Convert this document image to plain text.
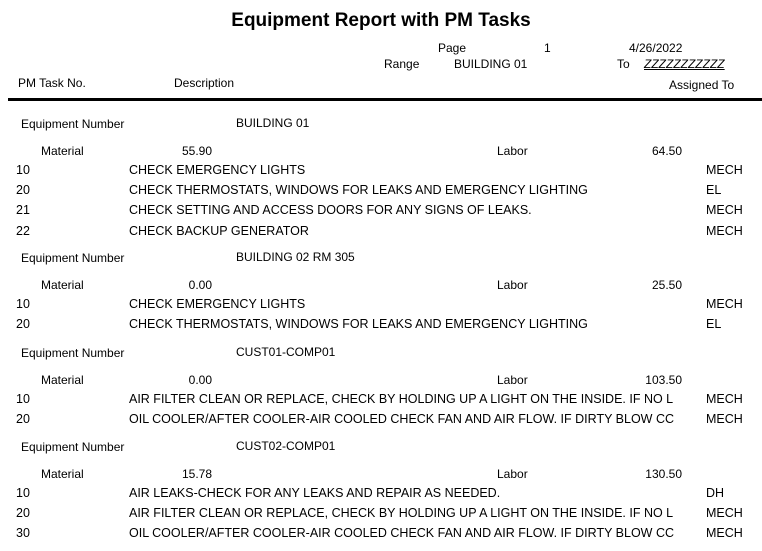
Equipment Report with PM Tasks
Page	1	4/26/2022
Range	BUILDING 01	To ZZZZZZZZZZZ
PM Task No.	Description	Assigned To
Equipment Number	BUILDING 01
Material	55.90	Labor	64.50
10	CHECK EMERGENCY LIGHTS	MECH
20	CHECK THERMOSTATS, WINDOWS FOR LEAKS AND EMERGENCY LIGHTING	EL
21	CHECK SETTING AND ACCESS DOORS FOR ANY SIGNS OF LEAKS.	MECH
22	CHECK BACKUP GENERATOR	MECH
Equipment Number	BUILDING 02 RM 305
Material	0.00	Labor	25.50
10	CHECK EMERGENCY LIGHTS	MECH
20	CHECK THERMOSTATS, WINDOWS FOR LEAKS AND EMERGENCY LIGHTING	EL
Equipment Number	CUST01-COMP01
Material	0.00	Labor	103.50
10	AIR FILTER CLEAN OR REPLACE, CHECK BY HOLDING UP A LIGHT ON THE INSIDE. IF NO L	MECH
20	OIL COOLER/AFTER COOLER-AIR COOLED CHECK FAN AND AIR FLOW. IF DIRTY BLOW CC	MECH
Equipment Number	CUST02-COMP01
Material	15.78	Labor	130.50
10	AIR LEAKS-CHECK FOR ANY LEAKS AND REPAIR AS NEEDED.	DH
20	AIR FILTER CLEAN OR REPLACE, CHECK BY HOLDING UP A LIGHT ON THE INSIDE. IF NO L	MECH
30	OIL COOLER/AFTER COOLER-AIR COOLED CHECK FAN AND AIR FLOW. IF DIRTY BLOW CC	MECH
